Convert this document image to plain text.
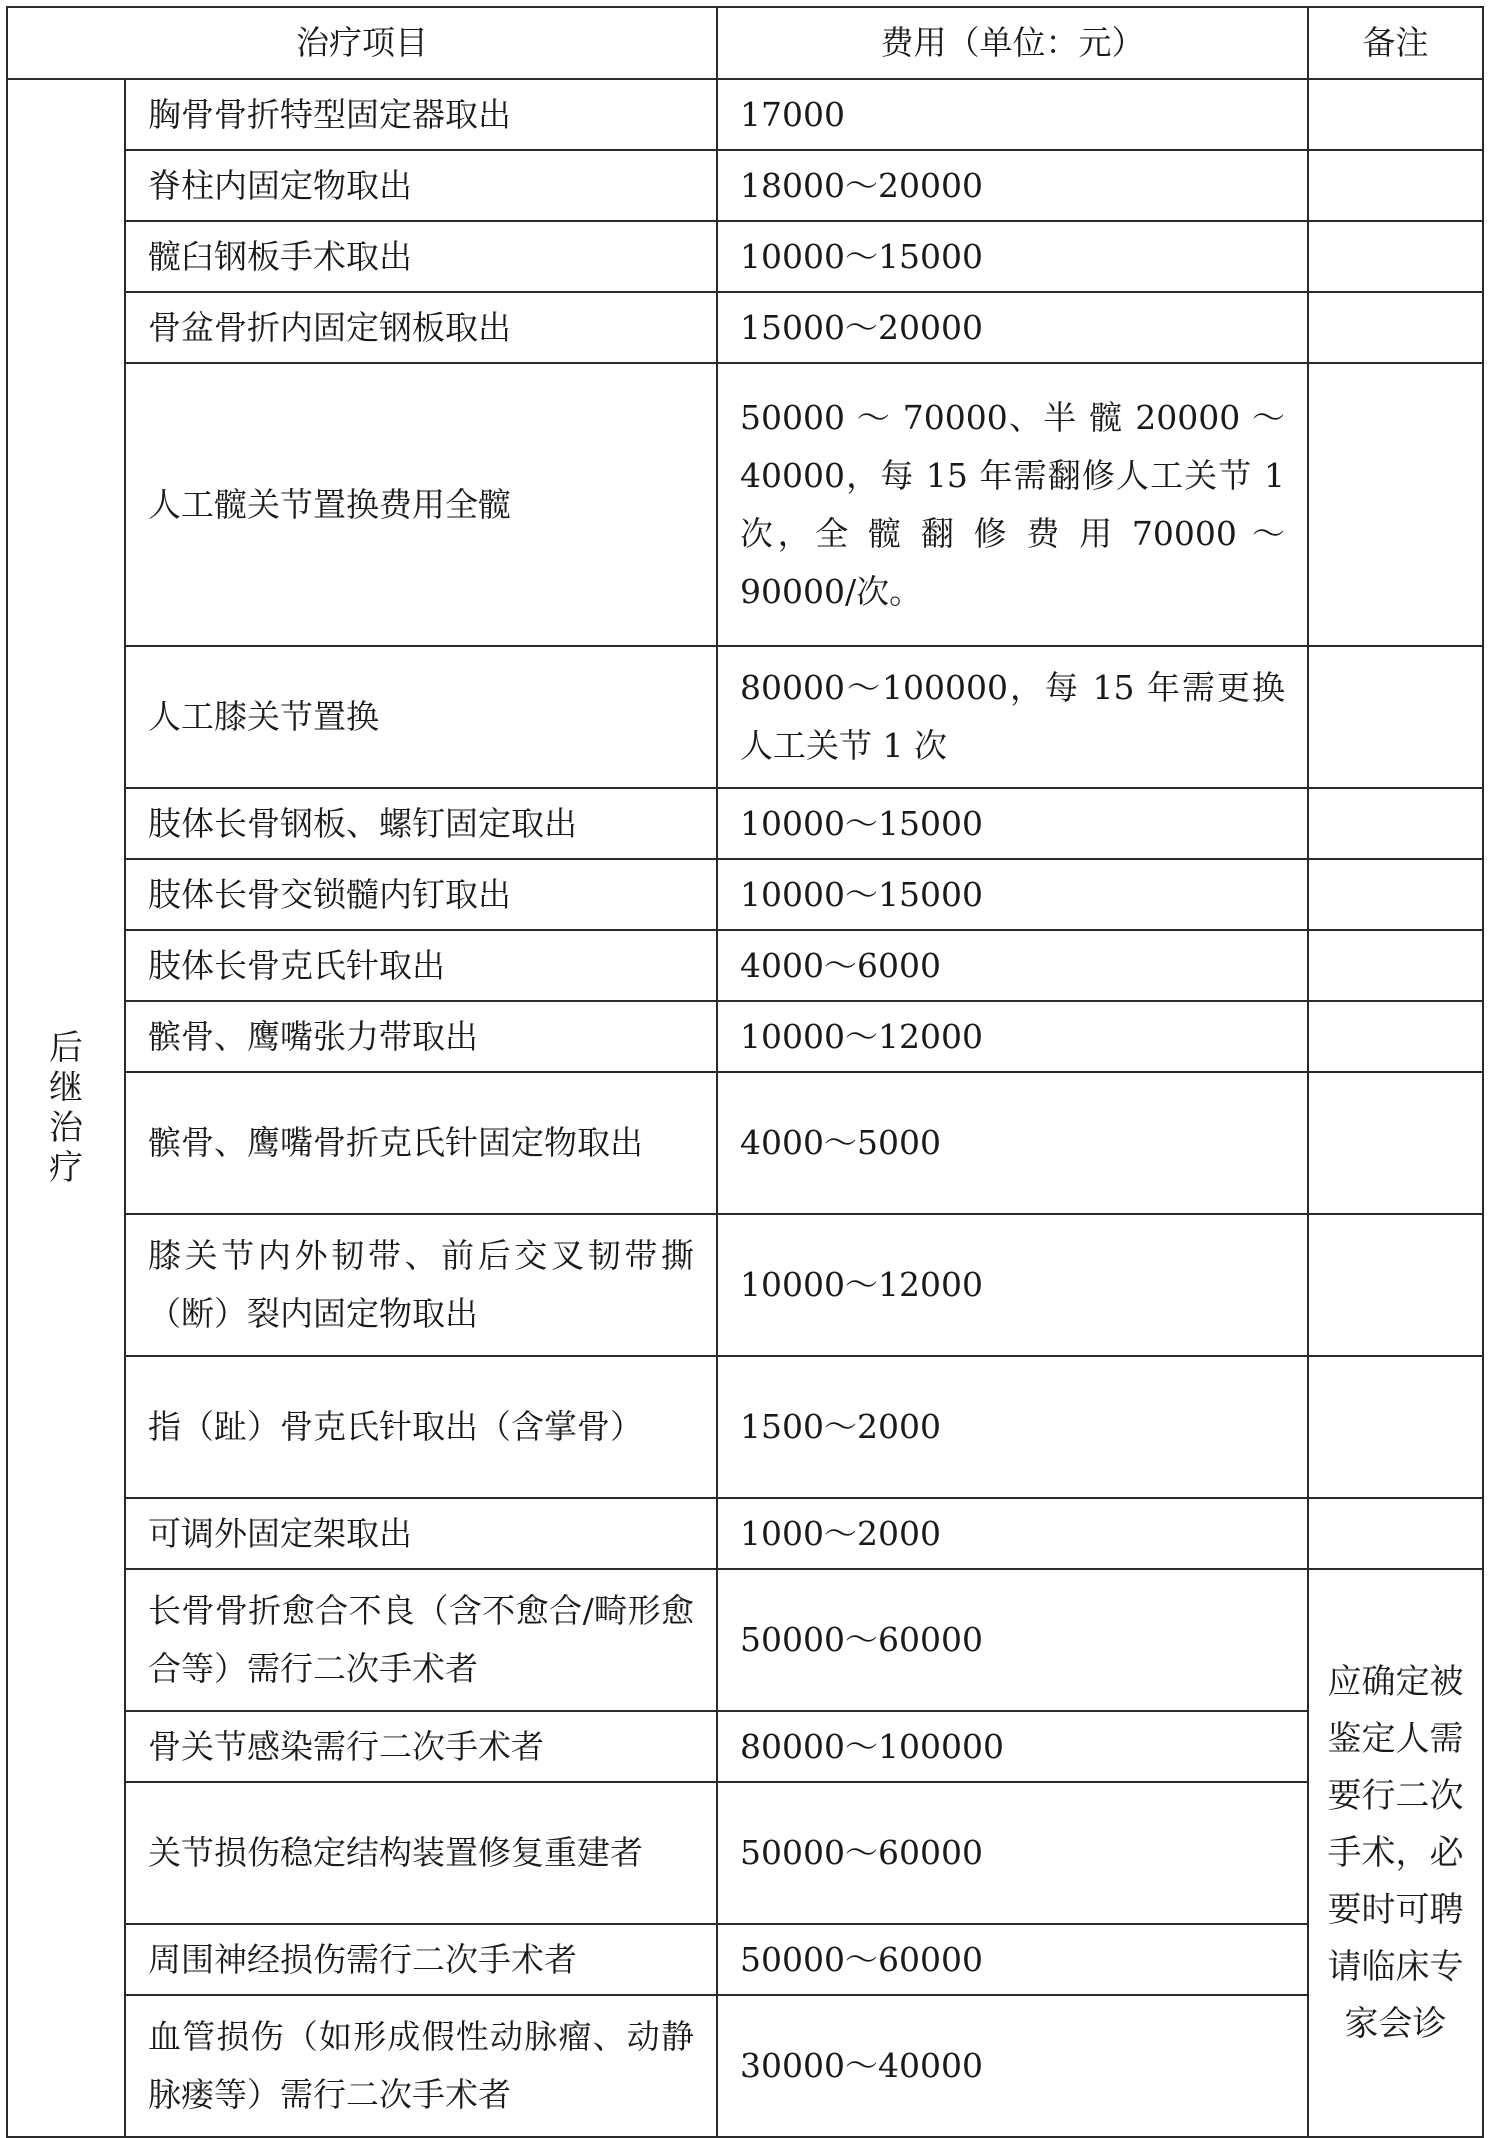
治疗项目		费用（单位：元）	备注

后
继
治
疗	胸骨骨折特型固定器取出	17000	
	脊柱内固定物取出	18000～20000	
	髋臼钢板手术取出	10000～15000	
	骨盆骨折内固定钢板取出	15000～20000	
	人工髋关节置换费用全髋	50000 ～ 70000、半 髋 20000 ～ 40000，每 15 年需翻修人工关节 1 次，全 髋 翻 修 费 用 70000 ～ 90000/次。	
	人工膝关节置换	80000～100000，每 15 年需更换人工关节 1 次	
	肢体长骨钢板、螺钉固定取出	10000～15000	
	肢体长骨交锁髓内钉取出	10000～15000	
	肢体长骨克氏针取出	4000～6000	
	髌骨、鹰嘴张力带取出	10000～12000	
	髌骨、鹰嘴骨折克氏针固定物取出	4000～5000	
	膝关节内外韧带、前后交叉韧带撕（断）裂内固定物取出	10000～12000	
	指（趾）骨克氏针取出（含掌骨）	1500～2000	
	可调外固定架取出	1000～2000	
	长骨骨折愈合不良（含不愈合/畸形愈合等）需行二次手术者	50000～60000	应确定被鉴定人需要行二次手术，必要时可聘请临床专家会诊
	骨关节感染需行二次手术者	80000～100000	
	关节损伤稳定结构装置修复重建者	50000～60000	
	周围神经损伤需行二次手术者	50000～60000	
	血管损伤（如形成假性动脉瘤、动静脉瘘等）需行二次手术者	30000～40000	
